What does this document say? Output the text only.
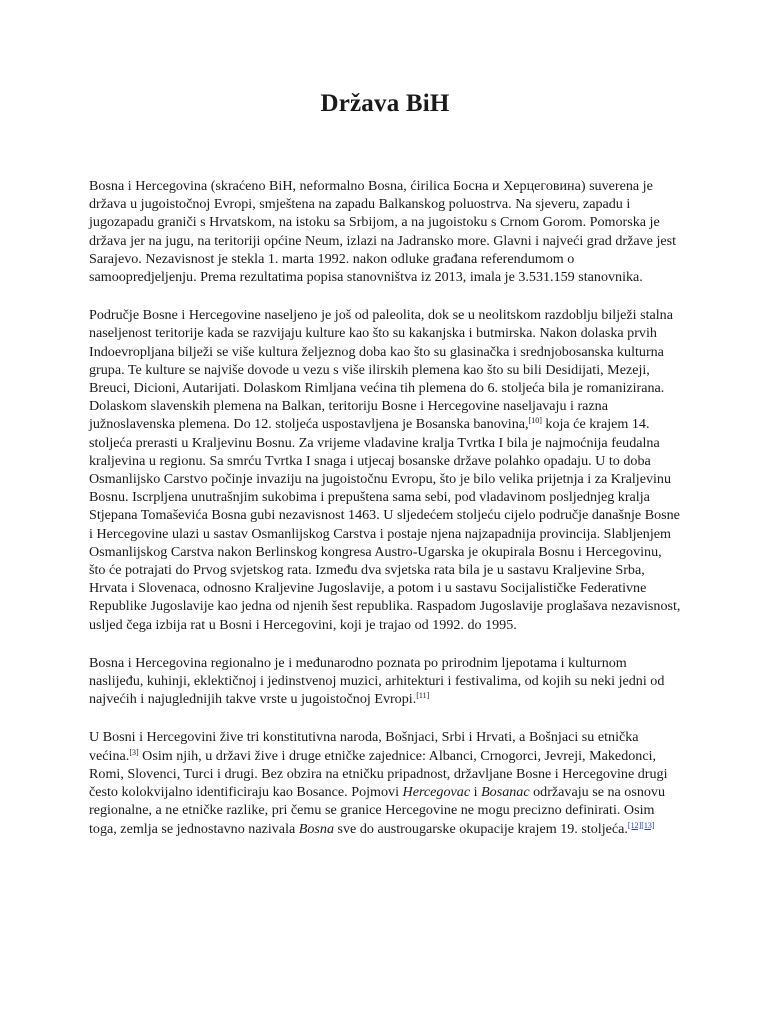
Država BiH

Bosna i Hercegovina (skraćeno BiH, neformalno Bosna, ćirilica Босна и Херцеговина) suverena je država u jugoistočnoj Evropi, smještena na zapadu Balkanskog poluostrva. Na sjeveru, zapadu i jugozapadu graniči s Hrvatskom, na istoku sa Srbijom, a na jugoistoku s Crnom Gorom. Pomorska je država jer na jugu, na teritoriji općine Neum, izlazi na Jadransko more. Glavni i najveći grad države jest Sarajevo. Nezavisnost je stekla 1. marta 1992. nakon odluke građana referendumom o samoopredjeljenju. Prema rezultatima popisa stanovništva iz 2013, imala je 3.531.159 stanovnika.

Područje Bosne i Hercegovine naseljeno je još od paleolita, dok se u neolitskom razdoblju bilježi stalna naseljenost teritorije kada se razvijaju kulture kao što su kakanjska i butmirska. Nakon dolaska prvih Indoevropljana bilježi se više kultura željeznog doba kao što su glasinačka i srednjobosanska kulturna grupa. Te kulture se najviše dovode u vezu s više ilirskih plemena kao što su bili Desidijati, Mezeji, Breuci, Dicioni, Autarijati. Dolaskom Rimljana većina tih plemena do 6. stoljeća bila je romanizirana. Dolaskom slavenskih plemena na Balkan, teritoriju Bosne i Hercegovine naseljavaju i razna južnoslavenska plemena. Do 12. stoljeća uspostavljena je Bosanska banovina,[10] koja će krajem 14. stoljeća prerasti u Kraljevinu Bosnu. Za vrijeme vladavine kralja Tvrtka I bila je najmoćnija feudalna kraljevina u regionu. Sa smrću Tvrtka I snaga i utjecaj bosanske države polahko opadaju. U to doba Osmanlijsko Carstvo počinje invaziju na jugoistočnu Evropu, što je bilo velika prijetnja i za Kraljevinu Bosnu. Iscrpljena unutrašnjim sukobima i prepuštena sama sebi, pod vladavinom posljednjeg kralja Stjepana Tomaševića Bosna gubi nezavisnost 1463. U sljedećem stoljeću cijelo područje današnje Bosne i Hercegovine ulazi u sastav Osmanlijskog Carstva i postaje njena najzapadnija provincija. Slabljenjem Osmanlijskog Carstva nakon Berlinskog kongresa Austro-Ugarska je okupirala Bosnu i Hercegovinu, što će potrajati do Prvog svjetskog rata. Između dva svjetska rata bila je u sastavu Kraljevine Srba, Hrvata i Slovenaca, odnosno Kraljevine Jugoslavije, a potom i u sastavu Socijalističke Federativne Republike Jugoslavije kao jedna od njenih šest republika. Raspadom Jugoslavije proglašava nezavisnost, usljed čega izbija rat u Bosni i Hercegovini, koji je trajao od 1992. do 1995.

Bosna i Hercegovina regionalno je i međunarodno poznata po prirodnim ljepotama i kulturnom naslijeđu, kuhinji, eklektičnoj i jedinstvenoj muzici, arhitekturi i festivalima, od kojih su neki jedni od najvećih i najuglednijih takve vrste u jugoistočnoj Evropi.[11]

U Bosni i Hercegovini žive tri konstitutivna naroda, Bošnjaci, Srbi i Hrvati, a Bošnjaci su etnička većina.[3] Osim njih, u državi žive i druge etničke zajednice: Albanci, Crnogorci, Jevreji, Makedonci, Romi, Slovenci, Turci i drugi. Bez obzira na etničku pripadnost, državljane Bosne i Hercegovine drugi često kolokvijalno identificiraju kao Bosance. Pojmovi Hercegovac i Bosanac održavaju se na osnovu regionalne, a ne etničke razlike, pri čemu se granice Hercegovine ne mogu precizno definirati. Osim toga, zemlja se jednostavno nazivala Bosna sve do austrougarske okupacije krajem 19. stoljeća.[12][13]
